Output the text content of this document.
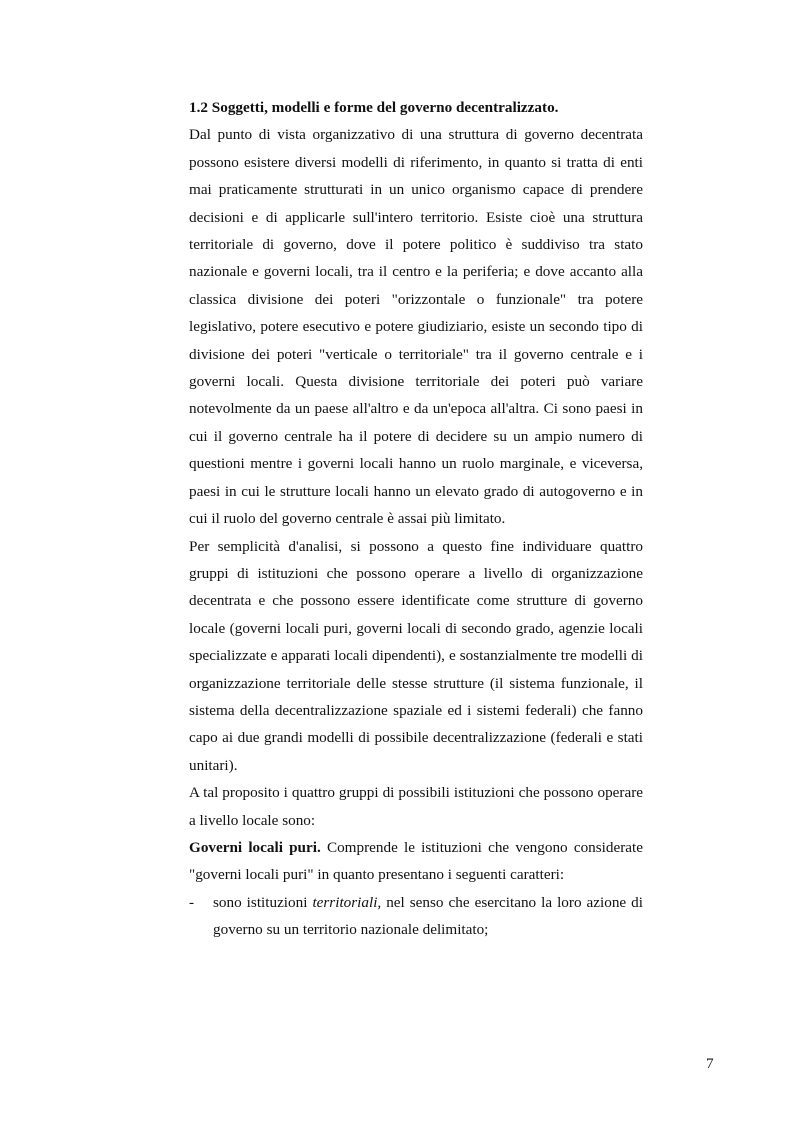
1.2 Soggetti, modelli e forme del governo decentralizzato.

Dal punto di vista organizzativo di una struttura di governo decentrata possono esistere diversi modelli di riferimento, in quanto si tratta di enti mai praticamente strutturati in un unico organismo capace di prendere decisioni e di applicarle sull'intero territorio. Esiste cioè una struttura territoriale di governo, dove il potere politico è suddiviso tra stato nazionale e governi locali, tra il centro e la periferia; e dove accanto alla classica divisione dei poteri "orizzontale o funzionale" tra potere legislativo, potere esecutivo e potere giudiziario, esiste un secondo tipo di divisione dei poteri "verticale o territoriale" tra il governo centrale e i governi locali. Questa divisione territoriale dei poteri può variare notevolmente da un paese all'altro e da un'epoca all'altra. Ci sono paesi in cui il governo centrale ha il potere di decidere su un ampio numero di questioni mentre i governi locali hanno un ruolo marginale, e viceversa, paesi in cui le strutture locali hanno un elevato grado di autogoverno e in cui il ruolo del governo centrale è assai più limitato.

Per semplicità d'analisi, si possono a questo fine individuare quattro gruppi di istituzioni che possono operare a livello di organizzazione decentrata e che possono essere identificate come strutture di governo locale (governi locali puri, governi locali di secondo grado, agenzie locali specializzate e apparati locali dipendenti), e sostanzialmente tre modelli di organizzazione territoriale delle stesse strutture (il sistema funzionale, il sistema della decentralizzazione spaziale ed i sistemi federali) che fanno capo ai due grandi modelli di possibile decentralizzazione (federali e stati unitari).

A tal proposito i quattro gruppi di possibili istituzioni che possono operare a livello locale sono:

Governi locali puri. Comprende le istituzioni che vengono considerate "governi locali puri" in quanto presentano i seguenti caratteri:

- sono istituzioni territoriali, nel senso che esercitano la loro azione di governo su un territorio nazionale delimitato;

7
